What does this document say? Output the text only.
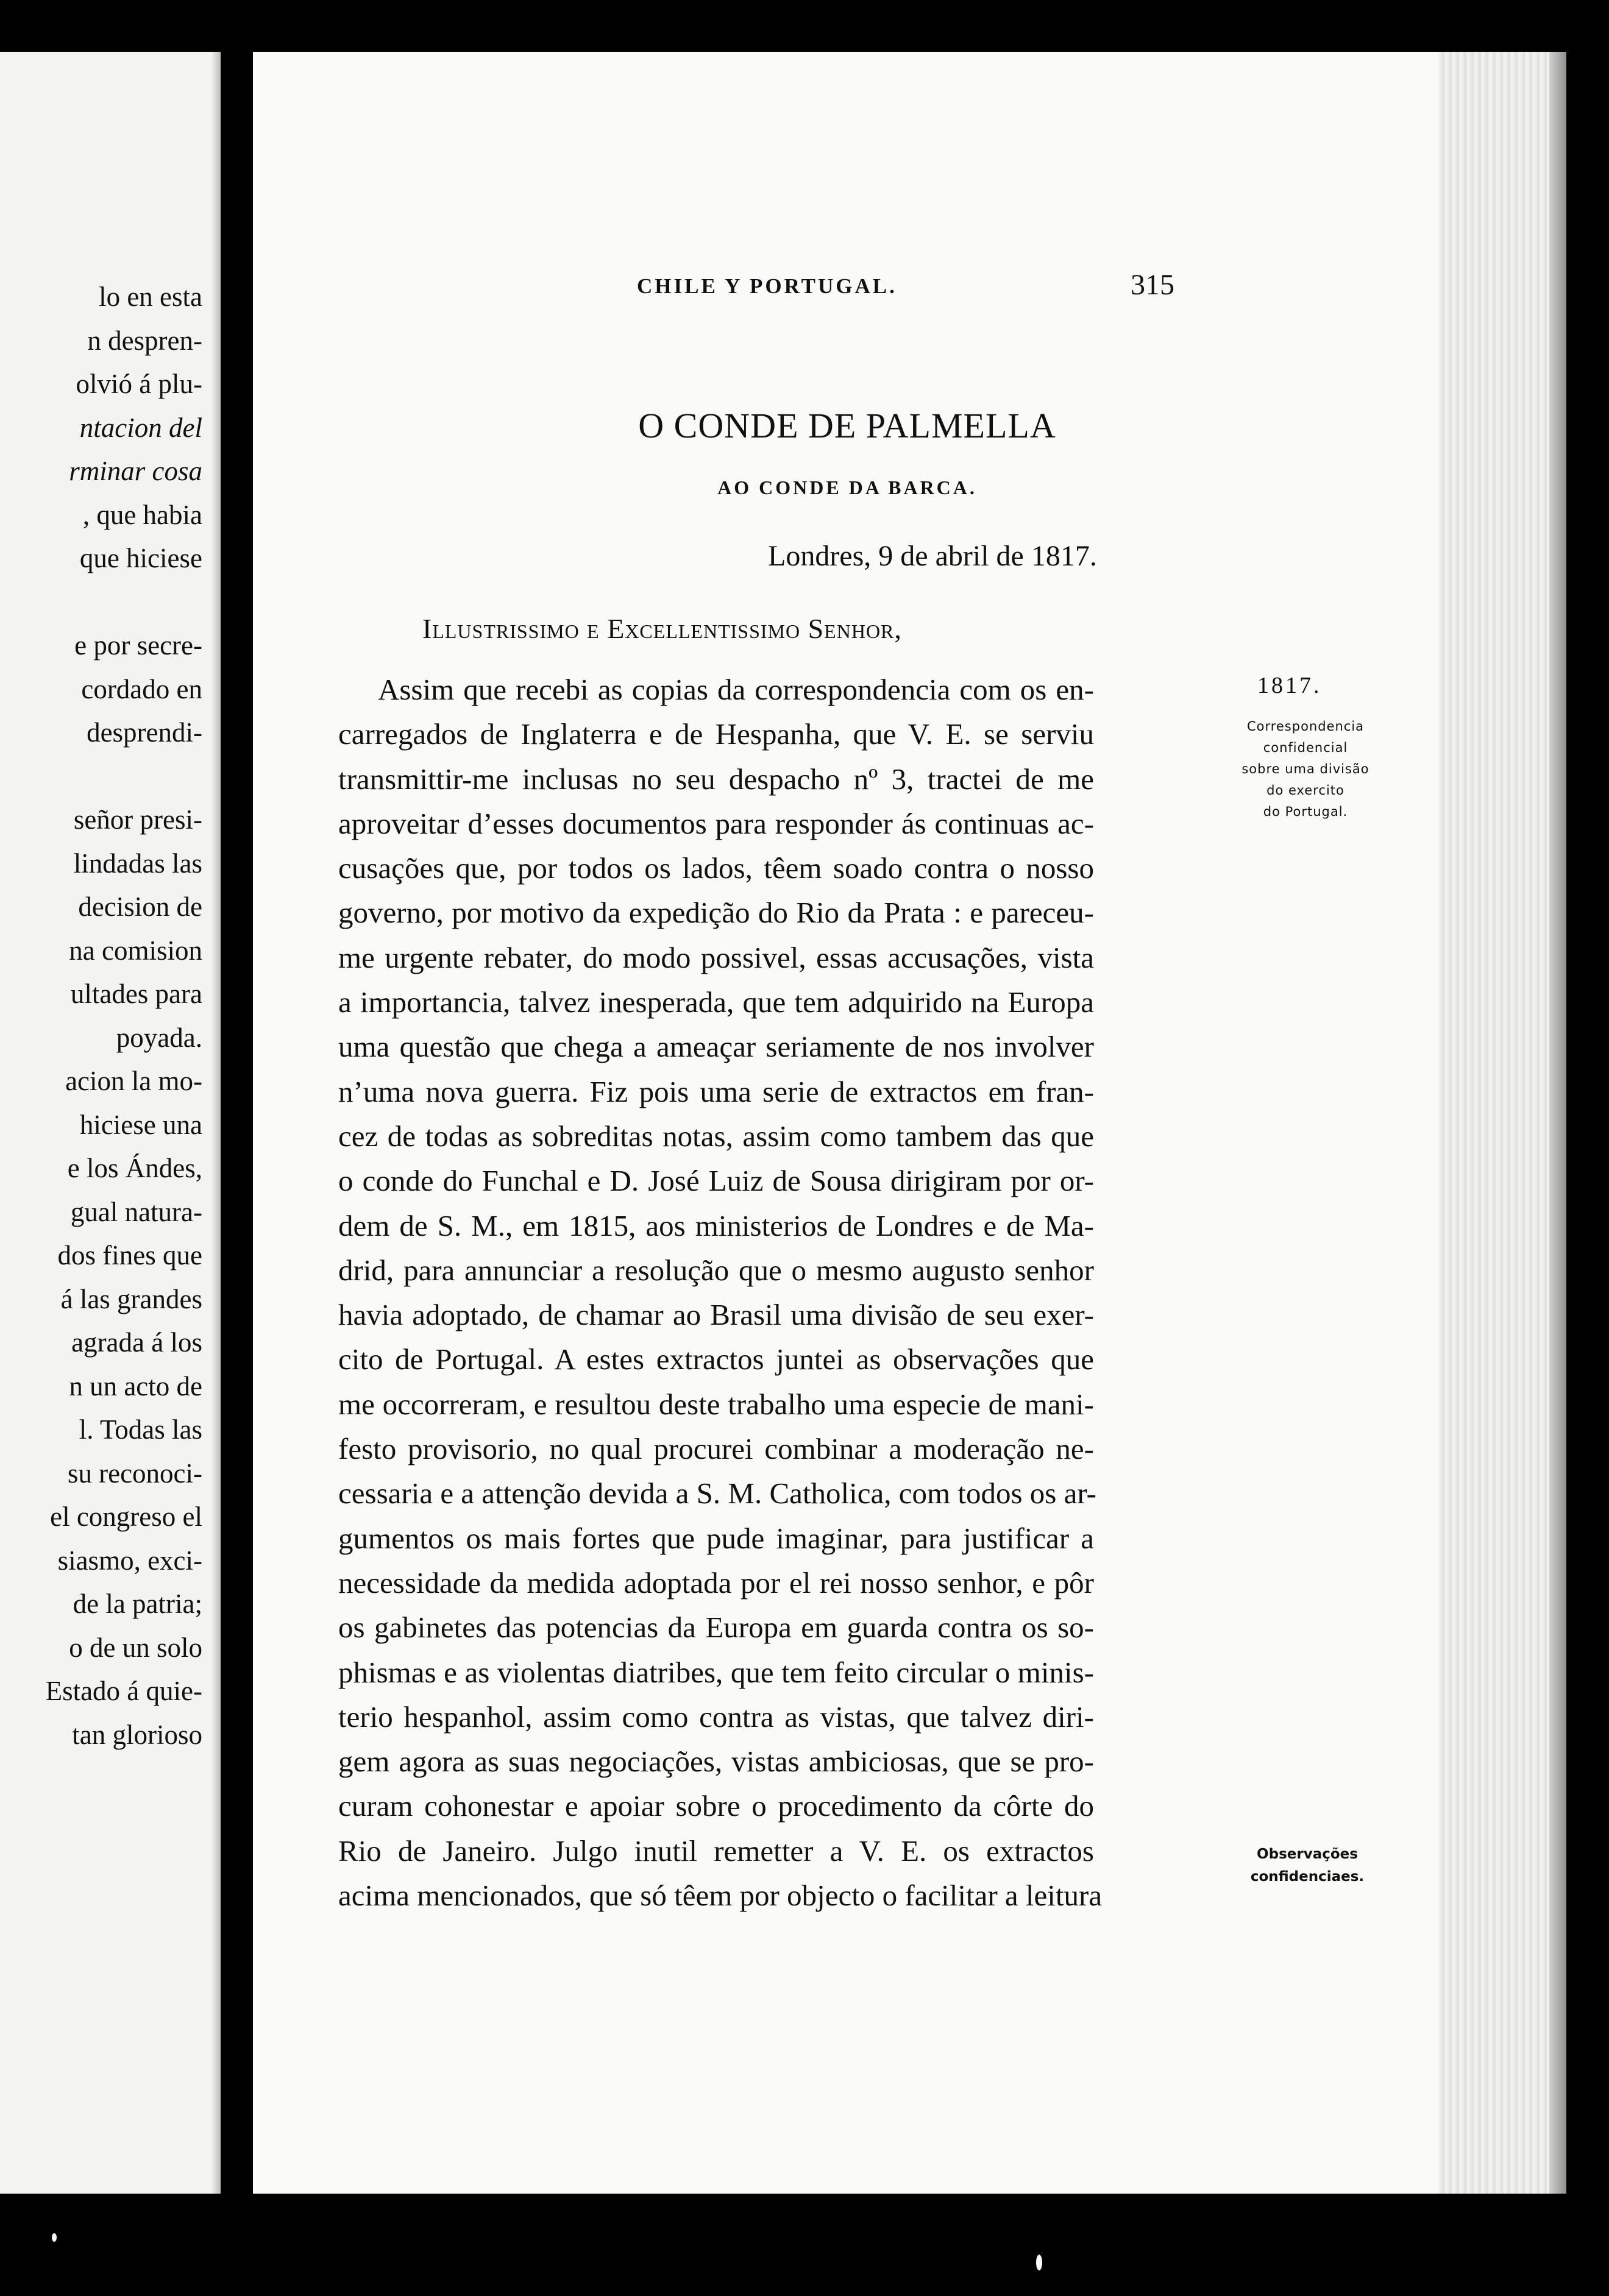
lo en esta
n despren-
olvió á plu-
ntacion del
rminar cosa
, que habia
que hiciese
e por secre-
cordado en
desprendi-
señor presi-
lindadas las
decision de
na comision
ultades para
poyada.
acion la mo-
hiciese una
e los Ándes,
gual natura-
dos fines que
á las grandes
agrada á los
n un acto de
l. Todas las
su reconoci-
el congreso el
siasmo, exci-
de la patria;
o de un solo
Estado á quie-
tan glorioso
CHILE Y PORTUGAL.	315
O CONDE DE PALMELLA
AO CONDE DA BARCA.
Londres, 9 de abril de 1817.
Illustrissimo e Excellentissimo Senhor,
Assim que recebi as copias da correspondencia com os en-
carregados de Inglaterra e de Hespanha, que V. E. se serviu
transmittir-me inclusas no seu despacho nº 3, tractei de me
aproveitar d’esses documentos para responder ás continuas ac-
cusações que, por todos os lados, têem soado contra o nosso
governo, por motivo da expedição do Rio da Prata : e pareceu-
me urgente rebater, do modo possivel, essas accusações, vista
a importancia, talvez inesperada, que tem adquirido na Europa
uma questão que chega a ameaçar seriamente de nos involver
n’uma nova guerra. Fiz pois uma serie de extractos em fran-
cez de todas as sobreditas notas, assim como tambem das que
o conde do Funchal e D. José Luiz de Sousa dirigiram por or-
dem de S. M., em 1815, aos ministerios de Londres e de Ma-
drid, para annunciar a resolução que o mesmo augusto senhor
havia adoptado, de chamar ao Brasil uma divisão de seu exer-
cito de Portugal. A estes extractos juntei as observações que
me occorreram, e resultou deste trabalho uma especie de mani-
festo provisorio, no qual procurei combinar a moderação ne-
cessaria e a attenção devida a S. M. Catholica, com todos os ar-
gumentos os mais fortes que pude imaginar, para justificar a
necessidade da medida adoptada por el rei nosso senhor, e pôr
os gabinetes das potencias da Europa em guarda contra os so-
phismas e as violentas diatribes, que tem feito circular o minis-
terio hespanhol, assim como contra as vistas, que talvez diri-
gem agora as suas negociações, vistas ambiciosas, que se pro-
curam cohonestar e apoiar sobre o procedimento da côrte do
Rio de Janeiro. Julgo inutil remetter a V. E. os extractos
acima mencionados, que só têem por objecto o facilitar a leitura
1817.
Correspondencia
confidencial
sobre uma divisão
do exercito
do Portugal.
Observações
confidenciaes.
